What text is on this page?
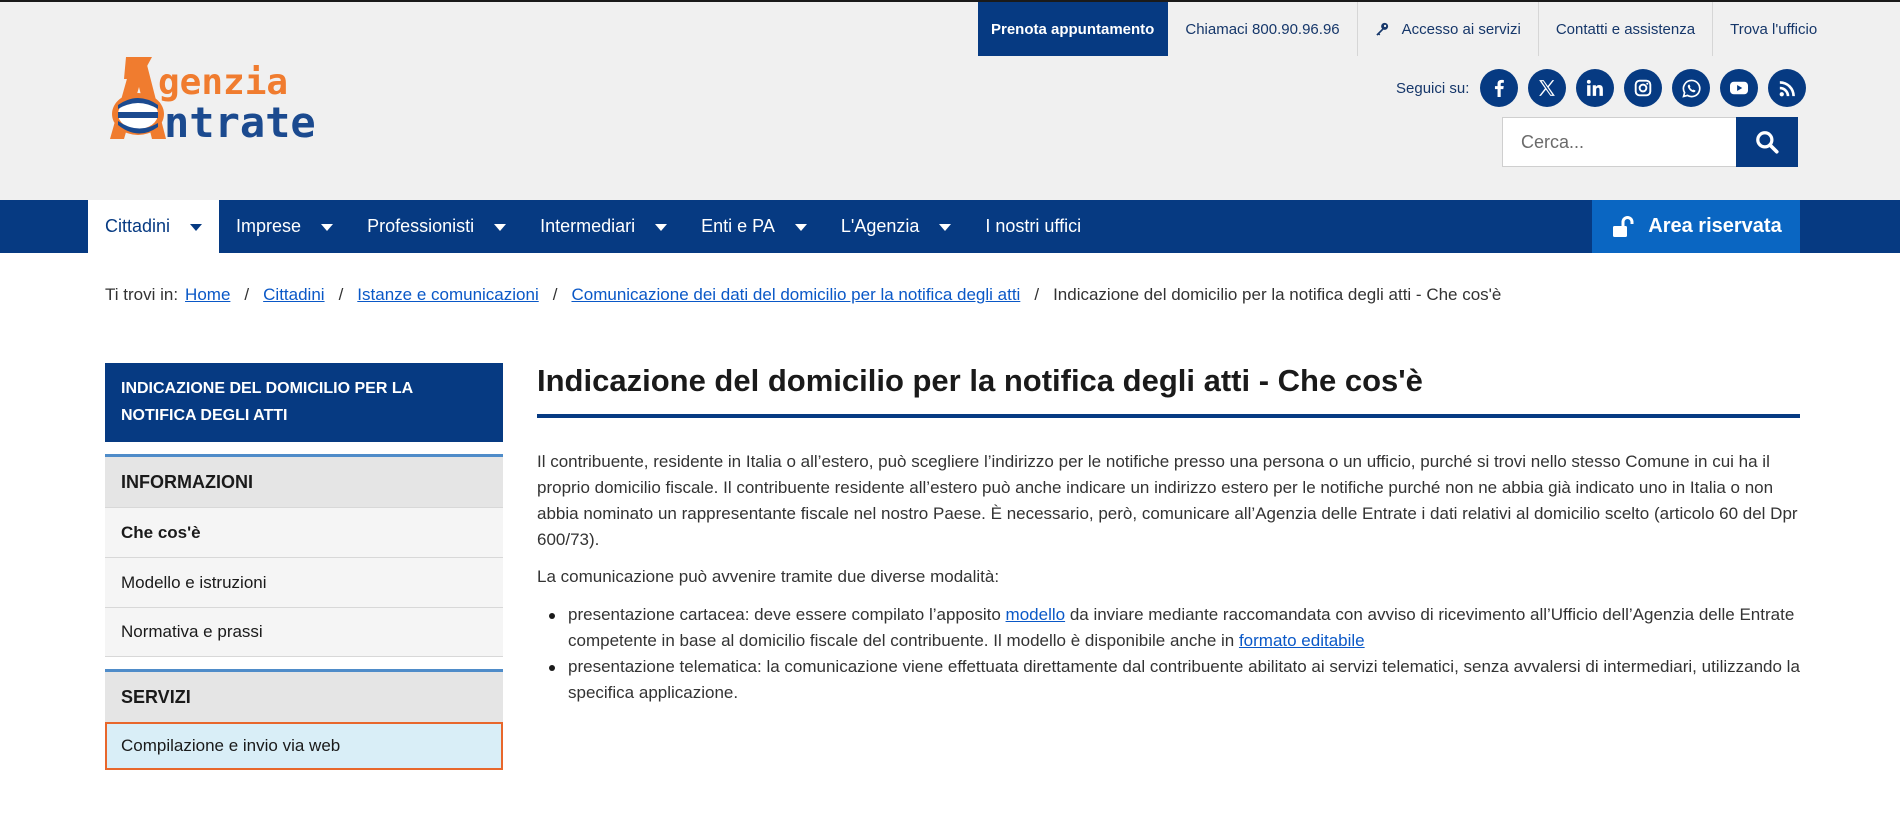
Prenota appuntamento	Chiamaci 800.90.96.96	Accesso ai servizi	Contatti e assistenza	Trova l'ufficio
genzia
ntrate
Seguici su:
Cerca...
Cittadini	Imprese	Professionisti	Intermediari	Enti e PA	L'Agenzia	I nostri uffici	Area riservata
Ti trovi in: Home / Cittadini / Istanze e comunicazioni / Comunicazione dei dati del domicilio per la notifica degli atti / Indicazione del domicilio per la notifica degli atti - Che cos'è
INDICAZIONE DEL DOMICILIO PER LA NOTIFICA DEGLI ATTI
INFORMAZIONI
Che cos'è
Modello e istruzioni
Normativa e prassi
SERVIZI
Compilazione e invio via web
Indicazione del domicilio per la notifica degli atti - Che cos'è

Il contribuente, residente in Italia o all’estero, può scegliere l’indirizzo per le notifiche presso una persona o un ufficio, purché si trovi nello stesso Comune in cui ha il proprio domicilio fiscale. Il contribuente residente all’estero può anche indicare un indirizzo estero per le notifiche purché non ne abbia già indicato uno in Italia o non abbia nominato un rappresentante fiscale nel nostro Paese. È necessario, però, comunicare all’Agenzia delle Entrate i dati relativi al domicilio scelto (articolo 60 del Dpr 600/73).

La comunicazione può avvenire tramite due diverse modalità:

presentazione cartacea: deve essere compilato l’apposito modello da inviare mediante raccomandata con avviso di ricevimento all’Ufficio dell’Agenzia delle Entrate competente in base al domicilio fiscale del contribuente. Il modello è disponibile anche in formato editabile
presentazione telematica: la comunicazione viene effettuata direttamente dal contribuente abilitato ai servizi telematici, senza avvalersi di intermediari, utilizzando la specifica applicazione.
